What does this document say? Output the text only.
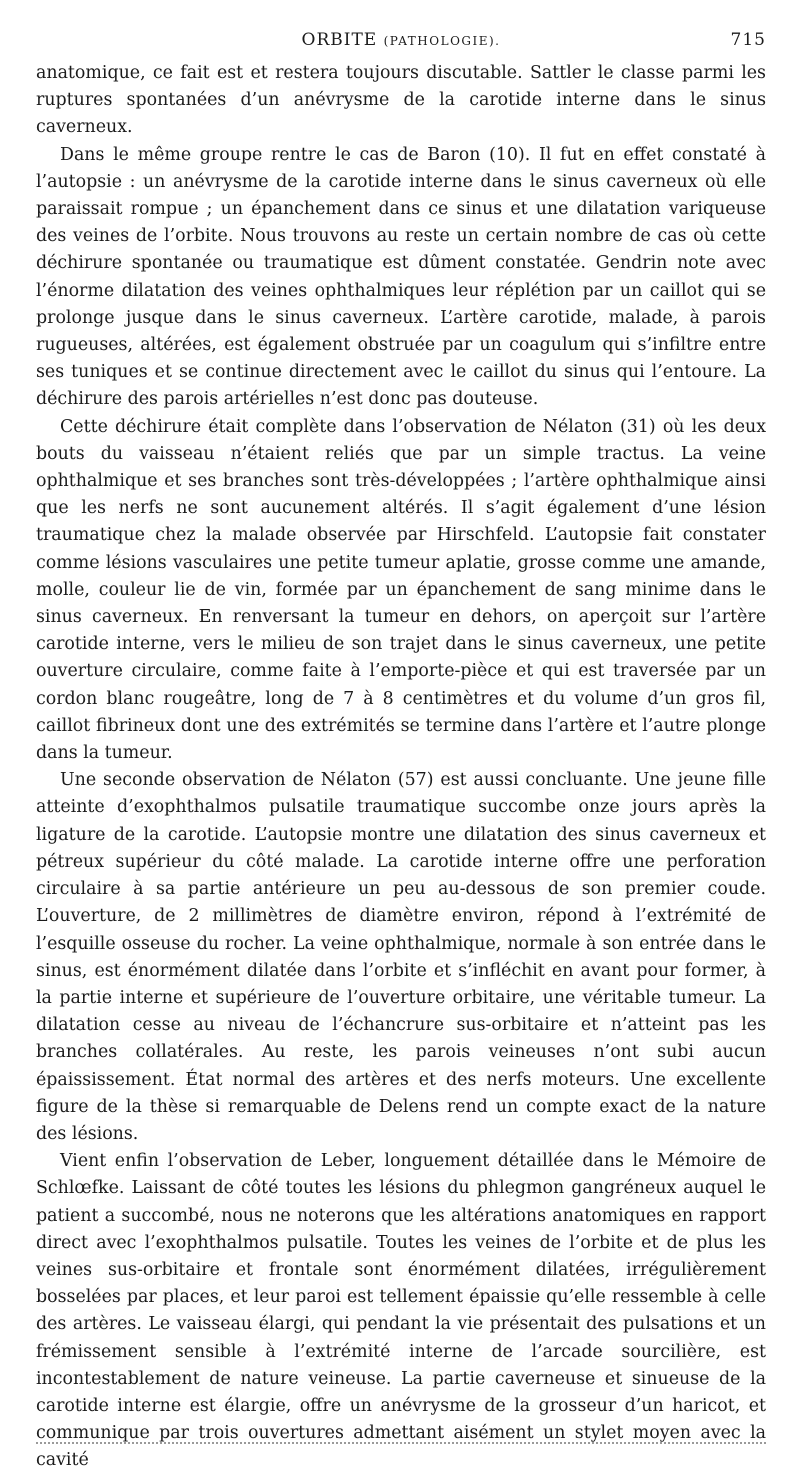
ORBITE (PATHOLOGIE).	715

anatomique, ce fait est et restera toujours discutable. Sattler le classe parmi les ruptures spontanées d’un anévrysme de la carotide interne dans le sinus caverneux.

Dans le même groupe rentre le cas de Baron (10). Il fut en effet constaté à l’autopsie : un anévrysme de la carotide interne dans le sinus caverneux où elle paraissait rompue ; un épanchement dans ce sinus et une dilatation variqueuse des veines de l’orbite. Nous trouvons au reste un certain nombre de cas où cette déchirure spontanée ou traumatique est dûment constatée. Gendrin note avec l’énorme dilatation des veines ophthalmiques leur réplétion par un caillot qui se prolonge jusque dans le sinus caverneux. L’artère carotide, malade, à parois rugueuses, altérées, est également obstruée par un coagulum qui s’infiltre entre ses tuniques et se continue directement avec le caillot du sinus qui l’entoure. La déchirure des parois artérielles n’est donc pas douteuse.

Cette déchirure était complète dans l’observation de Nélaton (31) où les deux bouts du vaisseau n’étaient reliés que par un simple tractus. La veine ophthalmique et ses branches sont très-développées ; l’artère ophthalmique ainsi que les nerfs ne sont aucunement altérés. Il s’agit également d’une lésion traumatique chez la malade observée par Hirschfeld. L’autopsie fait constater comme lésions vasculaires une petite tumeur aplatie, grosse comme une amande, molle, couleur lie de vin, formée par un épanchement de sang minime dans le sinus caverneux. En renversant la tumeur en dehors, on aperçoit sur l’artère carotide interne, vers le milieu de son trajet dans le sinus caverneux, une petite ouverture circulaire, comme faite à l’emporte-pièce et qui est traversée par un cordon blanc rougeâtre, long de 7 à 8 centimètres et du volume d’un gros fil, caillot fibrineux dont une des extrémités se termine dans l’artère et l’autre plonge dans la tumeur.

Une seconde observation de Nélaton (57) est aussi concluante. Une jeune fille atteinte d’exophthalmos pulsatile traumatique succombe onze jours après la ligature de la carotide. L’autopsie montre une dilatation des sinus caverneux et pétreux supérieur du côté malade. La carotide interne offre une perforation circulaire à sa partie antérieure un peu au-dessous de son premier coude. L’ouverture, de 2 millimètres de diamètre environ, répond à l’extrémité de l’esquille osseuse du rocher. La veine ophthalmique, normale à son entrée dans le sinus, est énormément dilatée dans l’orbite et s’infléchit en avant pour former, à la partie interne et supérieure de l’ouverture orbitaire, une véritable tumeur. La dilatation cesse au niveau de l’échancrure sus-orbitaire et n’atteint pas les branches collatérales. Au reste, les parois veineuses n’ont subi aucun épaississement. État normal des artères et des nerfs moteurs. Une excellente figure de la thèse si remarquable de Delens rend un compte exact de la nature des lésions.

Vient enfin l’observation de Leber, longuement détaillée dans le Mémoire de Schlœfke. Laissant de côté toutes les lésions du phlegmon gangréneux auquel le patient a succombé, nous ne noterons que les altérations anatomiques en rapport direct avec l’exophthalmos pulsatile. Toutes les veines de l’orbite et de plus les veines sus-orbitaire et frontale sont énormément dilatées, irrégulièrement bosselées par places, et leur paroi est tellement épaissie qu’elle ressemble à celle des artères. Le vaisseau élargi, qui pendant la vie présentait des pulsations et un frémissement sensible à l’extrémité interne de l’arcade sourcilière, est incontestablement de nature veineuse. La partie caverneuse et sinueuse de la carotide interne est élargie, offre un anévrysme de la grosseur d’un haricot, et communique par trois ouvertures admettant aisément un stylet moyen avec la cavité
